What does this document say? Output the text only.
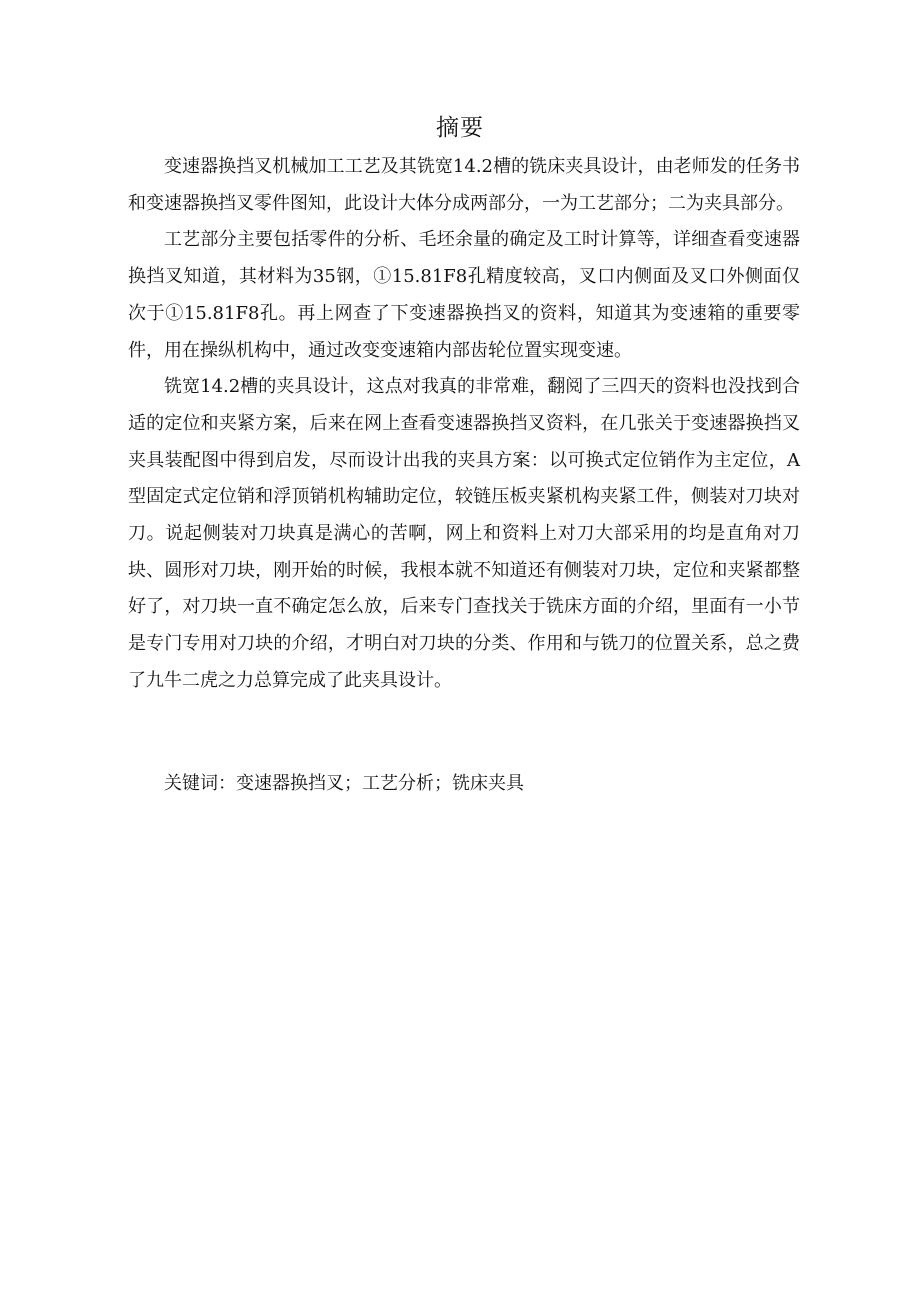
摘要

变速器换挡叉机械加工工艺及其铣宽14.2槽的铣床夹具设计，由老师发的任务书和变速器换挡叉零件图知，此设计大体分成两部分，一为工艺部分；二为夹具部分。

工艺部分主要包括零件的分析、毛坯余量的确定及工时计算等，详细查看变速器换挡叉知道，其材料为35钢，①15.81F8孔精度较高，叉口内侧面及叉口外侧面仅次于①15.81F8孔。再上网查了下变速器换挡叉的资料，知道其为变速箱的重要零件，用在操纵机构中，通过改变变速箱内部齿轮位置实现变速。

铣宽14.2槽的夹具设计，这点对我真的非常难，翻阅了三四天的资料也没找到合适的定位和夹紧方案，后来在网上查看变速器换挡叉资料，在几张关于变速器换挡叉夹具装配图中得到启发，尽而设计出我的夹具方案：以可换式定位销作为主定位，A型固定式定位销和浮顶销机构辅助定位，较链压板夹紧机构夹紧工件，侧装对刀块对刀。说起侧装对刀块真是满心的苦啊，网上和资料上对刀大部采用的均是直角对刀块、圆形对刀块，刚开始的时候，我根本就不知道还有侧装对刀块，定位和夹紧都整好了，对刀块一直不确定怎么放，后来专门查找关于铣床方面的介绍，里面有一小节是专门专用对刀块的介绍，才明白对刀块的分类、作用和与铣刀的位置关系，总之费了九牛二虎之力总算完成了此夹具设计。

关键词：变速器换挡叉；工艺分析；铣床夹具
